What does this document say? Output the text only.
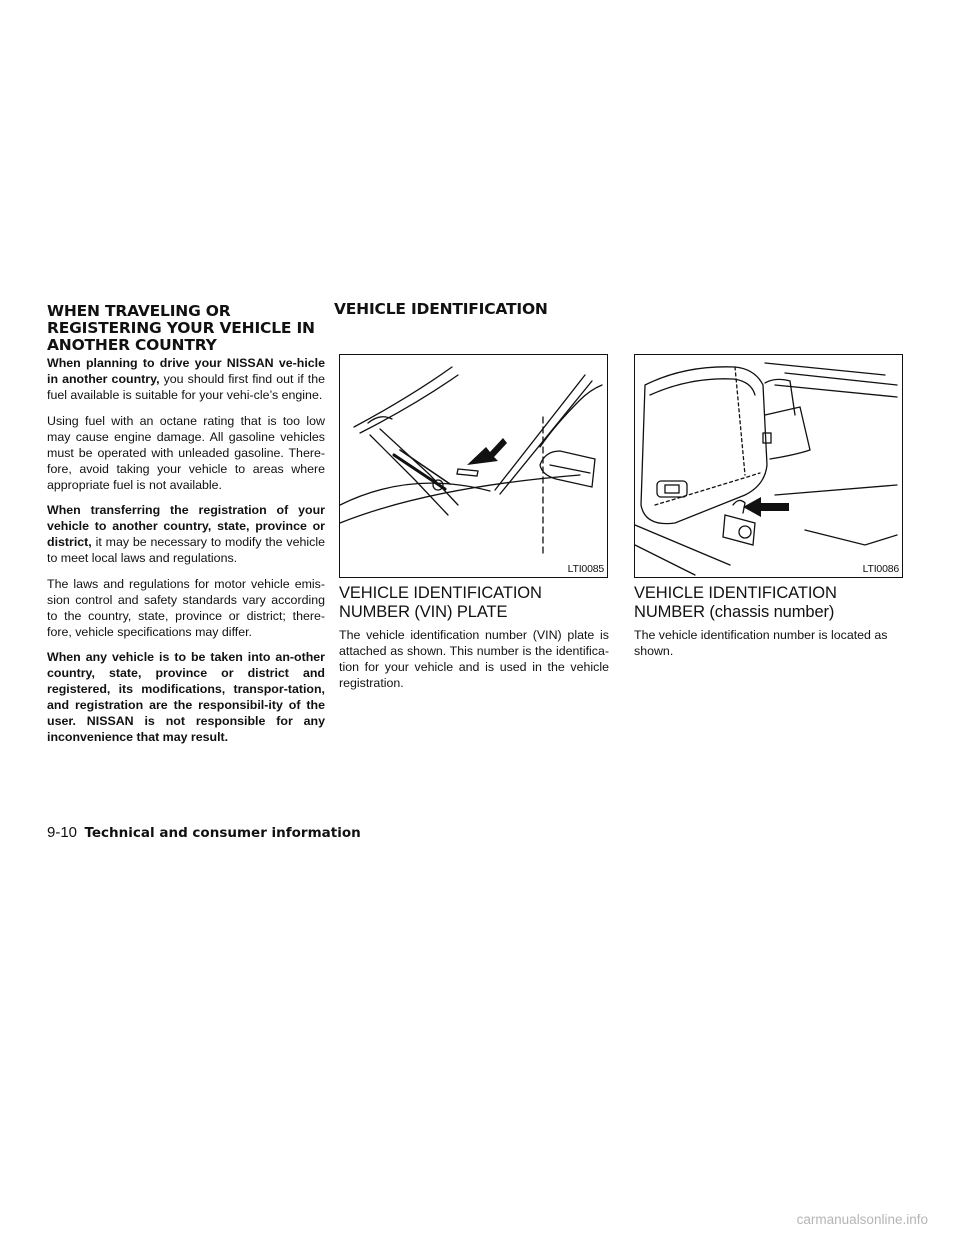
WHEN TRAVELING OR REGISTERING YOUR VEHICLE IN ANOTHER COUNTRY

When planning to drive your NISSAN ve-hicle in another country, you should first find out if the fuel available is suitable for your vehi-cle’s engine.

Using fuel with an octane rating that is too low may cause engine damage. All gasoline vehicles must be operated with unleaded gasoline. There-fore, avoid taking your vehicle to areas where appropriate fuel is not available.

When transferring the registration of your vehicle to another country, state, province or district, it may be necessary to modify the vehicle to meet local laws and regulations.

The laws and regulations for motor vehicle emis-sion control and safety standards vary according to the country, state, province or district; there-fore, vehicle specifications may differ.

When any vehicle is to be taken into an-other country, state, province or district and registered, its modifications, transpor-tation, and registration are the responsibil-ity of the user. NISSAN is not responsible for any inconvenience that may result.

VEHICLE IDENTIFICATION
LTI0085
VEHICLE IDENTIFICATION NUMBER (VIN) PLATE

The vehicle identification number (VIN) plate is attached as shown. This number is the identifica-tion for your vehicle and is used in the vehicle registration.

LTI0086
VEHICLE IDENTIFICATION NUMBER (chassis number)

The vehicle identification number is located as shown.

9-10 Technical and consumer information
carmanualsonline.info
